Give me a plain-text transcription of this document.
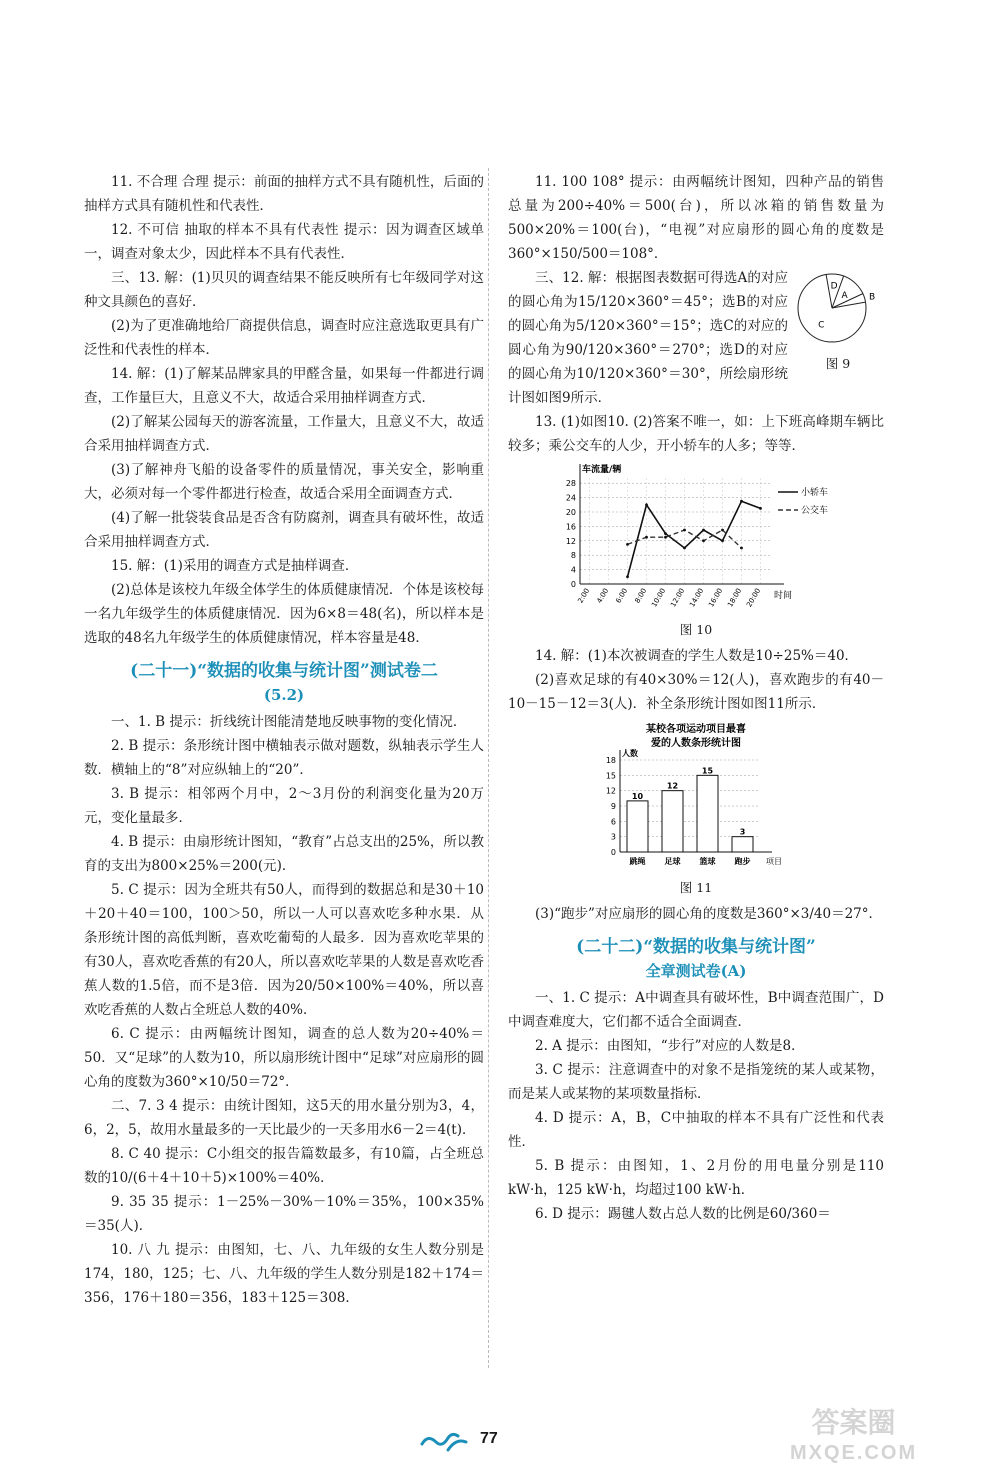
11. 不合理 合理 提示：前面的抽样方式不具有随机性，后面的抽样方式具有随机性和代表性．

12. 不可信 抽取的样本不具有代表性 提示：因为调查区域单一，调查对象太少，因此样本不具有代表性．

三、13. 解：(1)贝贝的调查结果不能反映所有七年级同学对这种文具颜色的喜好．

(2)为了更准确地给厂商提供信息，调查时应注意选取更具有广泛性和代表性的样本．

14. 解：(1)了解某品牌家具的甲醛含量，如果每一件都进行调查，工作量巨大，且意义不大，故适合采用抽样调查方式．

(2)了解某公园每天的游客流量，工作量大，且意义不大，故适合采用抽样调查方式．

(3)了解神舟飞船的设备零件的质量情况，事关安全，影响重大，必须对每一个零件都进行检查，故适合采用全面调查方式．

(4)了解一批袋装食品是否含有防腐剂，调查具有破坏性，故适合采用抽样调查方式．

15. 解：(1)采用的调查方式是抽样调查．

(2)总体是该校九年级全体学生的体质健康情况．个体是该校每一名九年级学生的体质健康情况．因为6×8＝48(名)，所以样本是选取的48名九年级学生的体质健康情况，样本容量是48．

(二十一)“数据的收集与统计图”测试卷二

(5.2)

一、1. B 提示：折线统计图能清楚地反映事物的变化情况．

2. B 提示：条形统计图中横轴表示做对题数，纵轴表示学生人数．横轴上的“8”对应纵轴上的“20”．

3. B 提示：相邻两个月中，2～3月份的利润变化量为20万元，变化量最多．

4. B 提示：由扇形统计图知，“教育”占总支出的25%，所以教育的支出为800×25%＝200(元)．

5. C 提示：因为全班共有50人，而得到的数据总和是30＋10＋20＋40＝100，100＞50，所以一人可以喜欢吃多种水果．从条形统计图的高低判断，喜欢吃葡萄的人最多．因为喜欢吃苹果的有30人，喜欢吃香蕉的有20人，所以喜欢吃苹果的人数是喜欢吃香蕉人数的1.5倍，而不是3倍．因为20/50×100%＝40%，所以喜欢吃香蕉的人数占全班总人数的40%．

6. C 提示：由两幅统计图知，调查的总人数为20÷40%＝50．又“足球”的人数为10，所以扇形统计图中“足球”对应扇形的圆心角的度数为360°×10/50＝72°．

二、7. 3 4 提示：由统计图知，这5天的用水量分别为3，4，6，2，5，故用水量最多的一天比最少的一天多用水6－2＝4(t)．

8. C 40 提示：C小组交的报告篇数最多，有10篇，占全班总数的10/(6＋4＋10＋5)×100%＝40%．

9. 35 35 提示：1－25%－30%－10%＝35%，100×35%＝35(人)．

10. 八 九 提示：由图知，七、八、九年级的女生人数分别是174，180，125；七、八、九年级的学生人数分别是182＋174＝356，176＋180＝356，183＋125＝308．

11. 100 108° 提示：由两幅统计图知，四种产品的销售总量为200÷40%＝500(台)，所以冰箱的销售数量为500×20%＝100(台)，“电视”对应扇形的圆心角的度数是360°×150/500＝108°．

三、12. 解：根据图表数据可得选A的对应的圆心角为15/120×360°＝45°；选B的对应的圆心角为5/120×360°＝15°；选C的对应的圆心角为90/120×360°＝270°；选D的对应的圆心角为10/120×360°＝30°，所绘扇形统计图如图9所示．

A B
C
D

图 9

13. (1)如图10. (2)答案不唯一，如：上下班高峰期车辆比较多；乘公交车的人少，开小轿车的人多；等等．

0
4
8
12
16
20
24
28
2:00 4:00 6:00 8:00 10:00 12:00 14:00 16:00 18:00 20:00
车流量/辆
时间
小轿车
公交车

图 10

14. 解：(1)本次被调查的学生人数是10÷25%＝40．

(2)喜欢足球的有40×30%＝12(人)，喜欢跑步的有40－10－15－12＝3(人)．补全条形统计图如图11所示．

某校各项运动项目最喜
爱的人数条形统计图
0
3
6
9
12
15
18
人数
项目
10
跳绳
12
足球
15
篮球
3
跑步

图 11

(3)“跑步”对应扇形的圆心角的度数是360°×3/40＝27°．

(二十二)“数据的收集与统计图”

全章测试卷(A)

一、1. C 提示：A中调查具有破坏性，B中调查范围广，D中调查难度大，它们都不适合全面调查．

2. A 提示：由图知，“步行”对应的人数是8．

3. C 提示：注意调查中的对象不是指笼统的某人或某物，而是某人或某物的某项数量指标．

4. D 提示：A，B，C中抽取的样本不具有广泛性和代表性．

5. B 提示：由图知，1、2月份的用电量分别是110 kW·h，125 kW·h，均超过100 kW·h．

6. D 提示：踢毽人数占总人数的比例是60/360＝

77
答案圈
MXQE.COM
